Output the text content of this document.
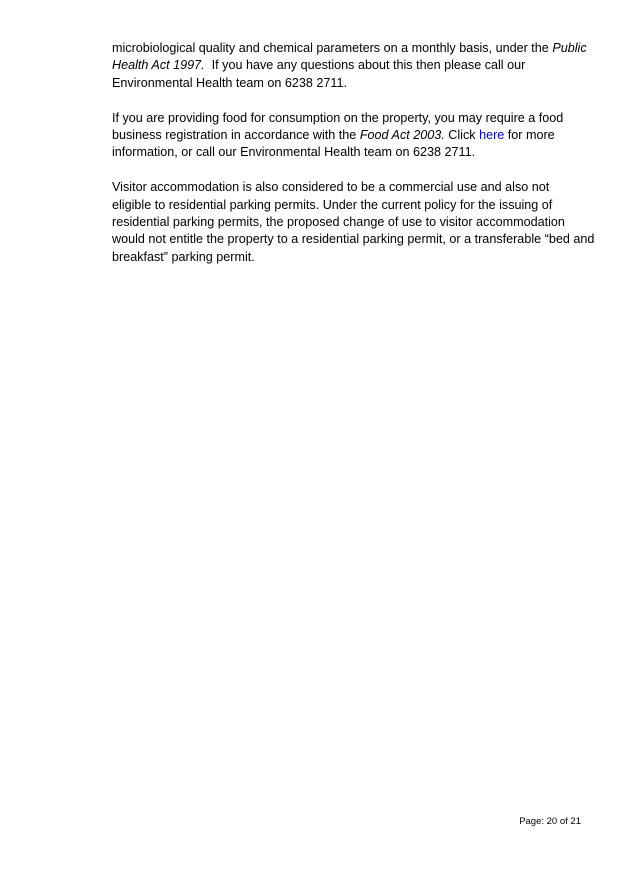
microbiological quality and chemical parameters on a monthly basis, under the Public
Health Act 1997.  If you have any questions about this then please call our
Environmental Health team on 6238 2711.

If you are providing food for consumption on the property, you may require a food
business registration in accordance with the Food Act 2003. Click here for more
information, or call our Environmental Health team on 6238 2711.

Visitor accommodation is also considered to be a commercial use and also not
eligible to residential parking permits. Under the current policy for the issuing of
residential parking permits, the proposed change of use to visitor accommodation
would not entitle the property to a residential parking permit, or a transferable “bed and
breakfast” parking permit.

Page: 20 of 21
